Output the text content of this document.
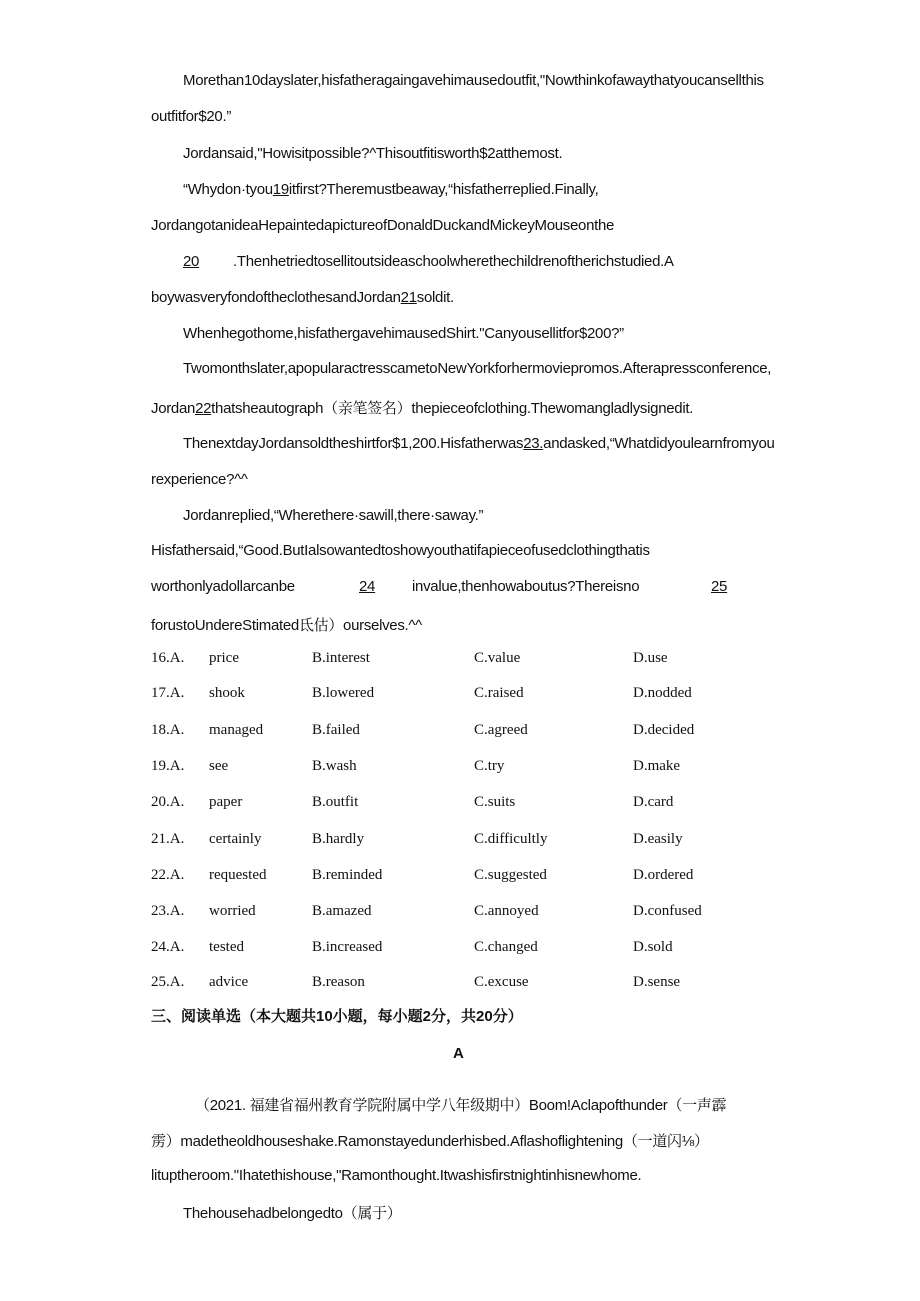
Morethan10dayslater,hisfatheragaingavehimausedoutfit,"Nowthinkofawaythatyoucansellthis
outfitfor$20.”
Jordansaid,"Howisitpossible?^Thisoutfitisworth$2atthemost.
“Whydon·tyou19itfirst?Theremustbeaway,“hisfatherreplied.Finally,
JordangotanideaHepaintedapictureofDonaldDuckandMickeyMouseonthe
20 .Thenhetriedtosellitoutsideaschoolwherethechildrenoftherichstudied.A
boywasveryfondoftheclothesandJordan21soldit.
Whenhegothome,hisfathergavehimausedShirt."Canyousellitfor$200?”
Twomonthslater,apopularactresscametoNewYorkforhermoviepromos.Afterapressconference,
Jordan22thatsheautograph（亲笔签名）thepieceofclothing.Thewomangladlysignedit.
ThenextdayJordansoldtheshirtfor$1,200.Hisfatherwas23.andasked,“Whatdidyoulearnfromyou
rexperience?^^
Jordanreplied,“Wherethere·sawill,there·saway.”
Hisfathersaid,“Good.ButIalsowantedtoshowyouthatifapieceofusedclothingthatis
worthonlyadollarcanbe	24 invalue,thenhowaboutus?Thereisno	25
forustoUndereStimated氐估）ourselves.^^
16.A. price	B.interest	C.value	D.use
17.A. shook	B.lowered	C.raised	D.nodded
18.A. managed	B.failed	C.agreed	D.decided
19.A. see	B.wash	C.try	D.make
20.A. paper	B.outfit	C.suits	D.card
21.A. certainly	B.hardly	C.difficultly	D.easily
22.A. requested	B.reminded	C.suggested	D.ordered
23.A. worried	B.amazed	C.annoyed	D.confused
24.A. tested	B.increased	C.changed	D.sold
25.A. advice	B.reason	C.excuse	D.sense
三、阅读单选（本大题共10小题，每小题2分，共20分）
A
（2021. 福建省福州教育学院附属中学八年级期中）Boom!Aclapofthunder（一声霹
雳）madetheoldhouseshake.Ramonstayedunderhisbed.Aflashoflightening（一道闪⅛）
lituptheroom."Ihatethishouse,"Ramonthought.Itwashisfirstnightinhisnewhome.
Thehousehadbelongedto（属于）
